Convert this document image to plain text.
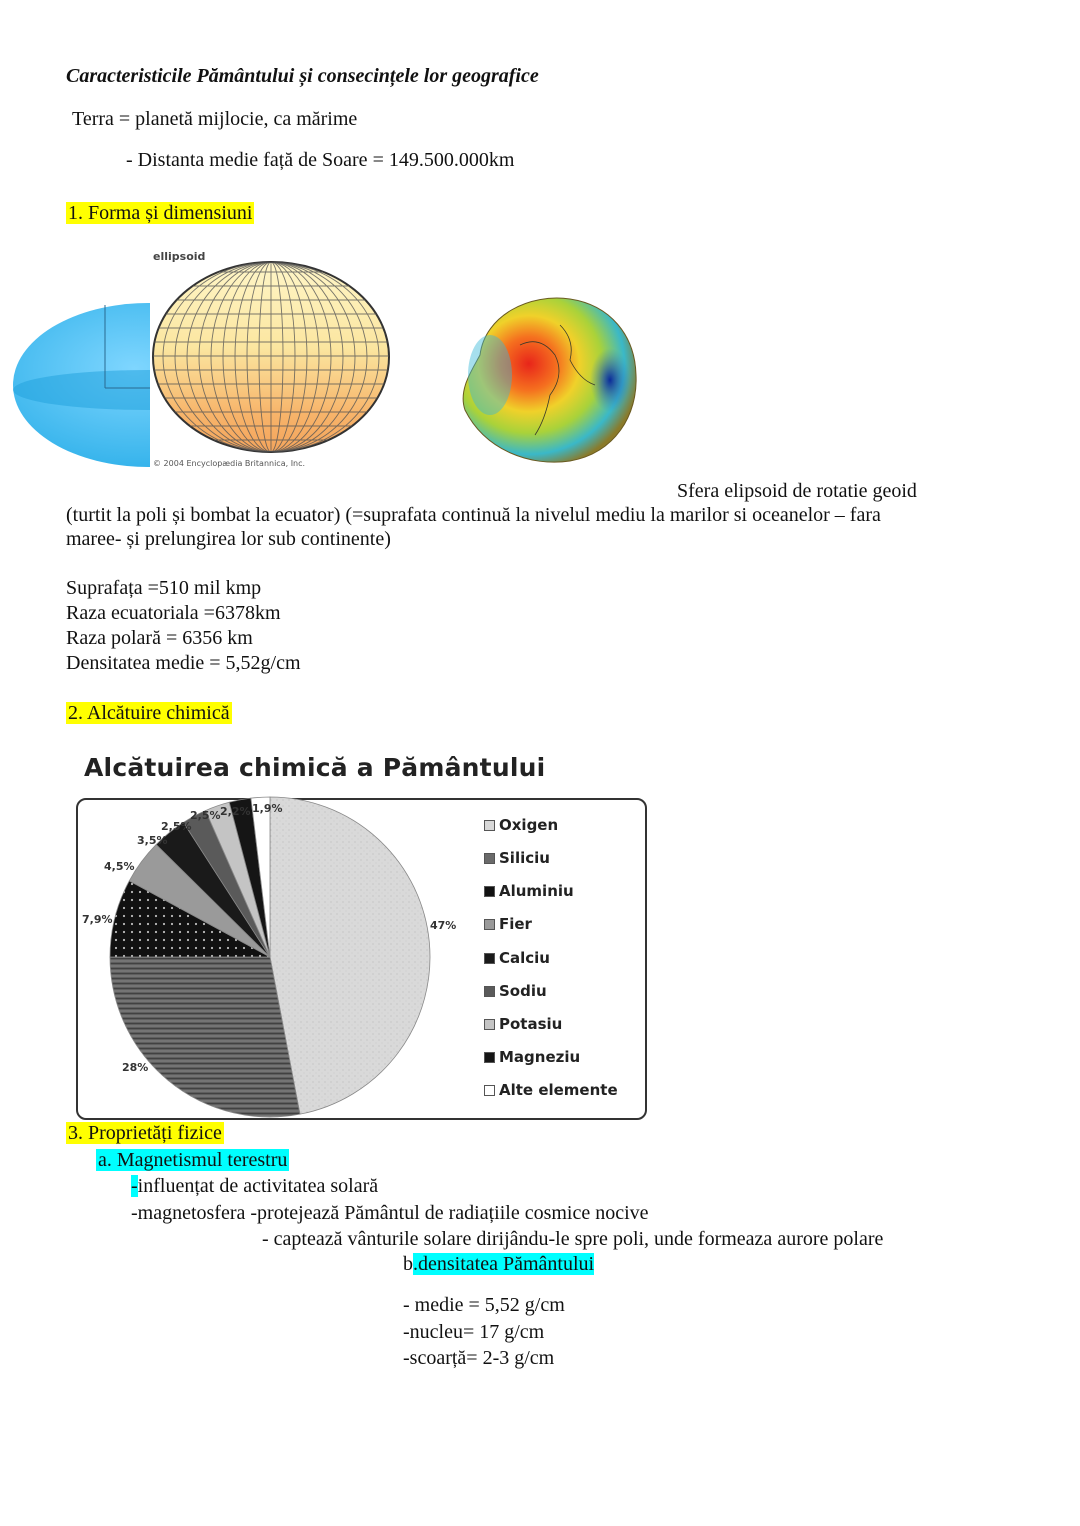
Caracteristicile Pământului și consecințele lor geografice
Terra = planetă mijlocie, ca mărime
- Distanta medie față de Soare = 149.500.000km
1. Forma și dimensiuni
ellipsoid
© 2004 Encyclopædia Britannica, Inc.
Sfera elipsoid de rotatie geoid
(turtit la poli și bombat la ecuator) (=suprafata continuă la nivelul mediu la marilor si oceanelor – fara
maree- și prelungirea lor sub continente)
Suprafața =510 mil kmp
Raza ecuatoriala =6378km
Raza polară = 6356 km
Densitatea medie = 5,52g/cm
2. Alcătuire chimică
Alcătuirea chimică a Pământului
47%
28%
7,9%
4,5%
3,5%
2,5%
2,5% 2,2% 1,9%
Oxigen
Siliciu
Aluminiu
Fier
Calciu
Sodiu
Potasiu
Magneziu
Alte elemente
3. Proprietăți fizice
a. Magnetismul terestru
-influențat de activitatea solară
-magnetosfera -protejează Pământul de radiațiile cosmice nocive
- captează vânturile solare dirijându-le spre poli, unde formeaza aurore polare
b.densitatea Pământului
- medie = 5,52 g/cm
-nucleu= 17 g/cm
-scoarță= 2-3 g/cm
